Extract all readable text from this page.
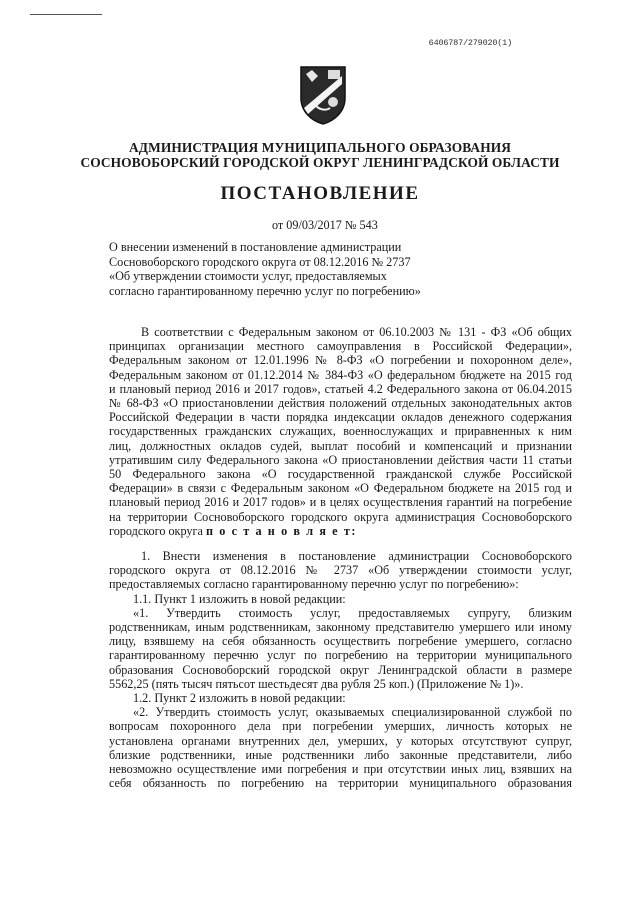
6406787/279020(1)
АДМИНИСТРАЦИЯ МУНИЦИПАЛЬНОГО ОБРАЗОВАНИЯ
СОСНОВОБОРСКИЙ ГОРОДСКОЙ ОКРУГ ЛЕНИНГРАДСКОЙ ОБЛАСТИ
ПОСТАНОВЛЕНИЕ
от 09/03/2017 № 543
О внесении изменений в постановление администрации
Сосновоборского городского округа от 08.12.2016 № 2737
«Об утверждении стоимости услуг, предоставляемых
согласно гарантированному перечню услуг по погребению»
В соответствии с Федеральным законом от 06.10.2003 № 131 - ФЗ «Об общих
принципах организации местного самоуправления в Российской Федерации»,
Федеральным законом от 12.01.1996 № 8-ФЗ «О погребении и похоронном деле»,
Федеральным законом от 01.12.2014 № 384-ФЗ «О федеральном бюджете на 2015 год
и плановый период 2016 и 2017 годов», статьей 4.2 Федерального закона от 06.04.2015
№ 68-ФЗ «О приостановлении действия положений отдельных законодательных актов
Российской Федерации в части порядка индексации окладов денежного содержания
государственных гражданских служащих, военнослужащих и приравненных к ним
лиц, должностных окладов судей, выплат пособий и компенсаций и признании
утратившим силу Федерального закона «О приостановлении действия части 11 статьи
50 Федерального закона «О государственной гражданской службе Российской
Федерации» в связи с Федеральным законом «О Федеральном бюджете на 2015 год и
плановый период 2016 и 2017 годов» и в целях осуществления гарантий на погребение
на территории Сосновоборского городского округа администрация Сосновоборского
городского округа п о с т а н о в л я е т:
1. Внести изменения в постановление администрации Сосновоборского
городского округа от 08.12.2016 № 2737 «Об утверждении стоимости услуг,
предоставляемых согласно гарантированному перечню услуг по погребению»:
1.1. Пункт 1 изложить в новой редакции:
«1. Утвердить стоимость услуг, предоставляемых супругу, близким
родственникам, иным родственникам, законному представителю умершего или иному
лицу, взявшему на себя обязанность осуществить погребение умершего, согласно
гарантированному перечню услуг по погребению на территории муниципального
образования Сосновоборский городской округ Ленинградской области в размере
5562,25 (пять тысяч пятьсот шестьдесят два рубля 25 коп.) (Приложение № 1)».
1.2. Пункт 2 изложить в новой редакции:
«2. Утвердить стоимость услуг, оказываемых специализированной службой по
вопросам похоронного дела при погребении умерших, личность которых не
установлена органами внутренних дел, умерших, у которых отсутствуют супруг,
близкие родственники, иные родственники либо законные представители, либо
невозможно осуществление ими погребения и при отсутствии иных лиц, взявших на
себя обязанность по погребению на территории муниципального образования
